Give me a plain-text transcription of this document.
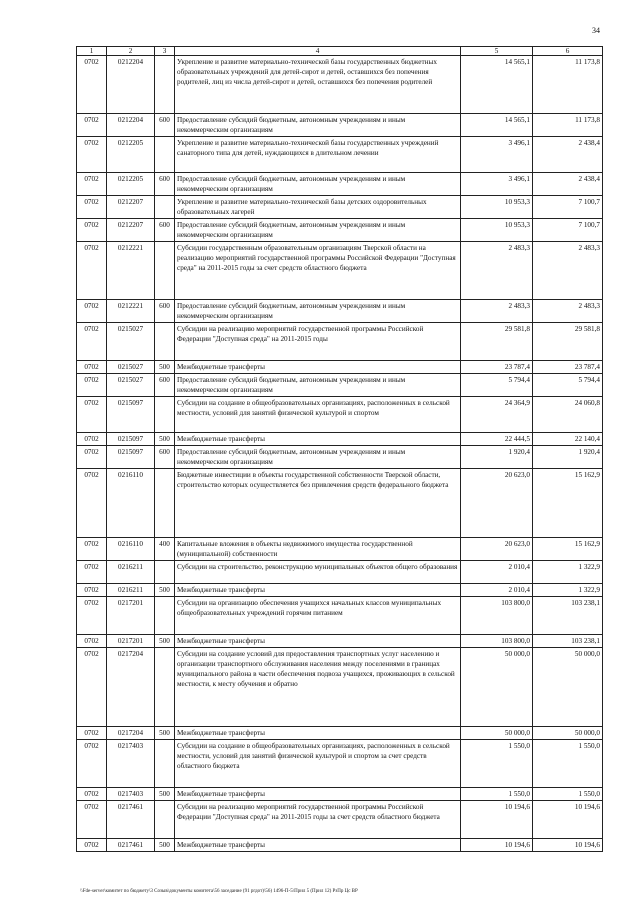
34
1	2	3	4	5	6
0702	0212204		Укрепление и развитие материально-технической базы государственных бюджетных образовательных учреждений для детей-сирот и детей, оставшихся без попечения родителей, лиц из числа детей-сирот и детей, оставшихся без попечения родителей	14 565,1	11 173,8
0702	0212204	600	Предоставление субсидий бюджетным, автономным учреждениям и иным некоммерческим организациям	14 565,1	11 173,8
0702	0212205		Укрепление и развитие материально-технической базы государственных учреждений санаторного типа для детей, нуждающихся в длительном лечении	3 496,1	2 438,4
0702	0212205	600	Предоставление субсидий бюджетным, автономным учреждениям и иным некоммерческим организациям	3 496,1	2 438,4
0702	0212207		Укрепление и развитие материально-технической базы детских оздоровительных образовательных лагерей	10 953,3	7 100,7
0702	0212207	600	Предоставление субсидий бюджетным, автономным учреждениям и иным некоммерческим организациям	10 953,3	7 100,7
0702	0212221		Субсидии государственным образовательным организациям Тверской области на реализацию мероприятий государственной программы Российской Федерации "Доступная среда" на 2011-2015 годы за счет средств областного бюджета	2 483,3	2 483,3
0702	0212221	600	Предоставление субсидий бюджетным, автономным учреждениям и иным некоммерческим организациям	2 483,3	2 483,3
0702	0215027		Субсидии на реализацию мероприятий государственной программы Российской Федерации "Доступная среда" на 2011-2015 годы	29 581,8	29 581,8
0702	0215027	500	Межбюджетные трансферты	23 787,4	23 787,4
0702	0215027	600	Предоставление субсидий бюджетным, автономным учреждениям и иным некоммерческим организациям	5 794,4	5 794,4
0702	0215097		Субсидии на создание в общеобразовательных организациях, расположенных в сельской местности, условий для занятий физической культурой и спортом	24 364,9	24 060,8
0702	0215097	500	Межбюджетные трансферты	22 444,5	22 140,4
0702	0215097	600	Предоставление субсидий бюджетным, автономным учреждениям и иным некоммерческим организациям	1 920,4	1 920,4
0702	0216110		Бюджетные инвестиции в объекты государственной собственности Тверской области, строительство которых осуществляется без привлечения средств федерального бюджета	20 623,0	15 162,9
0702	0216110	400	Капитальные вложения в объекты недвижимого имущества государственной (муниципальной) собственности	20 623,0	15 162,9
0702	0216211		Субсидии на строительство, реконструкцию муниципальных объектов общего образования	2 010,4	1 322,9
0702	0216211	500	Межбюджетные трансферты	2 010,4	1 322,9
0702	0217201		Субсидии на организацию обеспечения учащихся начальных классов муниципальных общеобразовательных учреждений горячим питанием	103 800,0	103 238,1
0702	0217201	500	Межбюджетные трансферты	103 800,0	103 238,1
0702	0217204		Субсидии на создание условий для предоставления транспортных услуг населению и организации транспортного обслуживания населения между поселениями в границах муниципального района в части обеспечения подвоза учащихся, проживающих в сельской местности, к месту обучения и обратно	50 000,0	50 000,0
0702	0217204	500	Межбюджетные трансферты	50 000,0	50 000,0
0702	0217403		Субсидии на создание в общеобразовательных организациях, расположенных в сельской местности, условий для занятий физической культурой и спортом за счет средств областного бюджета	1 550,0	1 550,0
0702	0217403	500	Межбюджетные трансферты	1 550,0	1 550,0
0702	0217461		Субсидии на реализацию мероприятий государственной программы Российской Федерации "Доступная среда" на 2011-2015 годы за счет средств областного бюджета	10 194,6	10 194,6
0702	0217461	500	Межбюджетные трансферты	10 194,6	10 194,6
\\Fde-server\комитет по бюджету\3 Созыв\документы комитета\56 заседание (91 ргдот)\56) 1496-П-5\Прил 5 (Прил 12) РзПр Цс ВР
